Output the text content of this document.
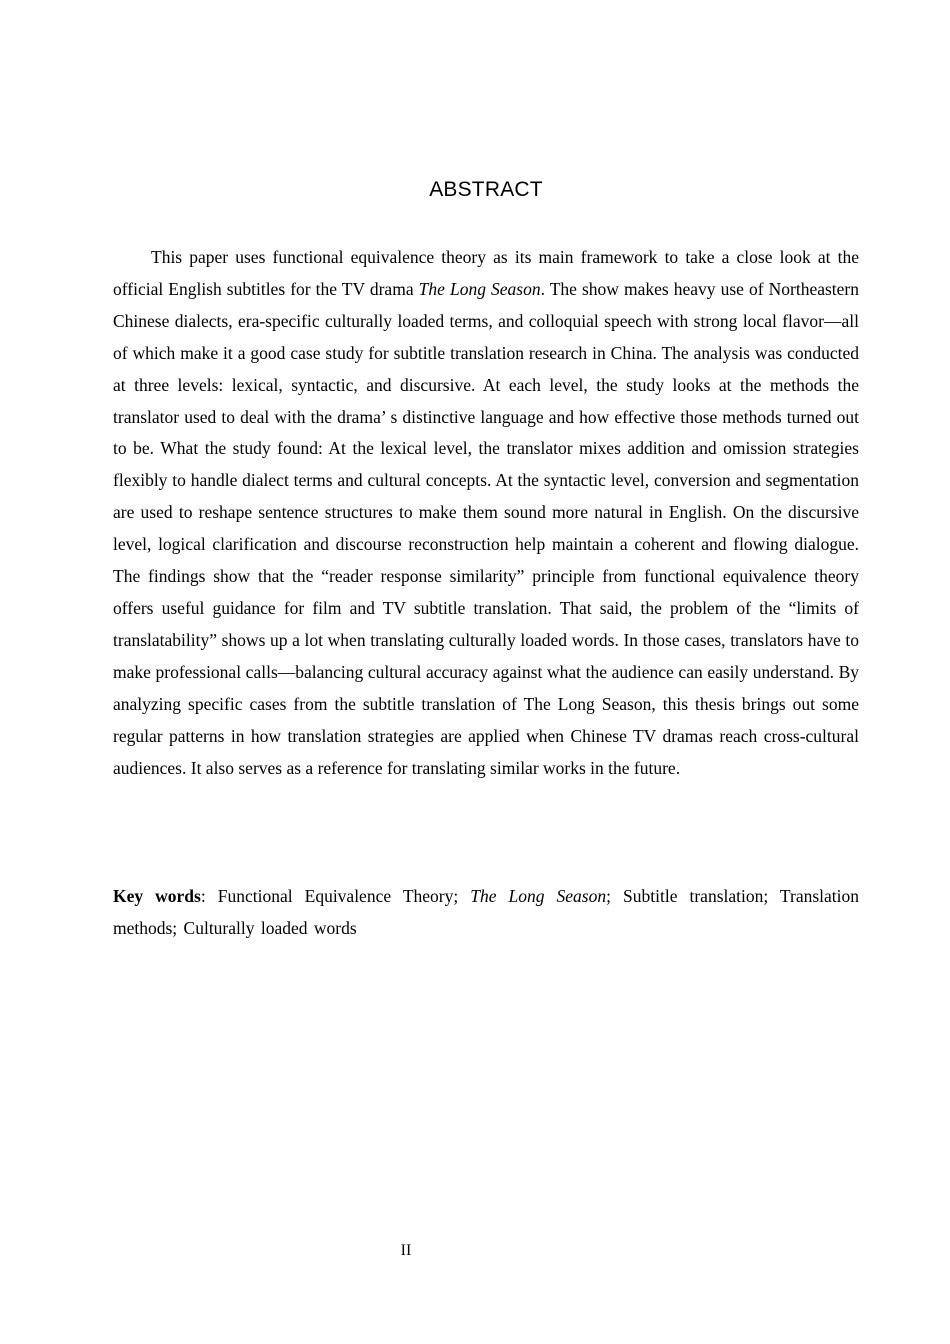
ABSTRACT

This paper uses functional equivalence theory as its main framework to take a close look at the official English subtitles for the TV drama The Long Season. The show makes heavy use of Northeastern Chinese dialects, era-specific culturally loaded terms, and colloquial speech with strong local flavor—all of which make it a good case study for subtitle translation research in China. The analysis was conducted at three levels: lexical, syntactic, and discursive. At each level, the study looks at the methods the translator used to deal with the drama’ s distinctive language and how effective those methods turned out to be. What the study found: At the lexical level, the translator mixes addition and omission strategies flexibly to handle dialect terms and cultural concepts. At the syntactic level, conversion and segmentation are used to reshape sentence structures to make them sound more natural in English. On the discursive level, logical clarification and discourse reconstruction help maintain a coherent and flowing dialogue. The findings show that the “reader response similarity” principle from functional equivalence theory offers useful guidance for film and TV subtitle translation. That said, the problem of the “limits of translatability” shows up a lot when translating culturally loaded words. In those cases, translators have to make professional calls—balancing cultural accuracy against what the audience can easily understand. By analyzing specific cases from the subtitle translation of The Long Season, this thesis brings out some regular patterns in how translation strategies are applied when Chinese TV dramas reach cross-cultural audiences. It also serves as a reference for translating similar works in the future.

Key words: Functional Equivalence Theory; The Long Season; Subtitle translation; Translation methods; Culturally loaded words

II
